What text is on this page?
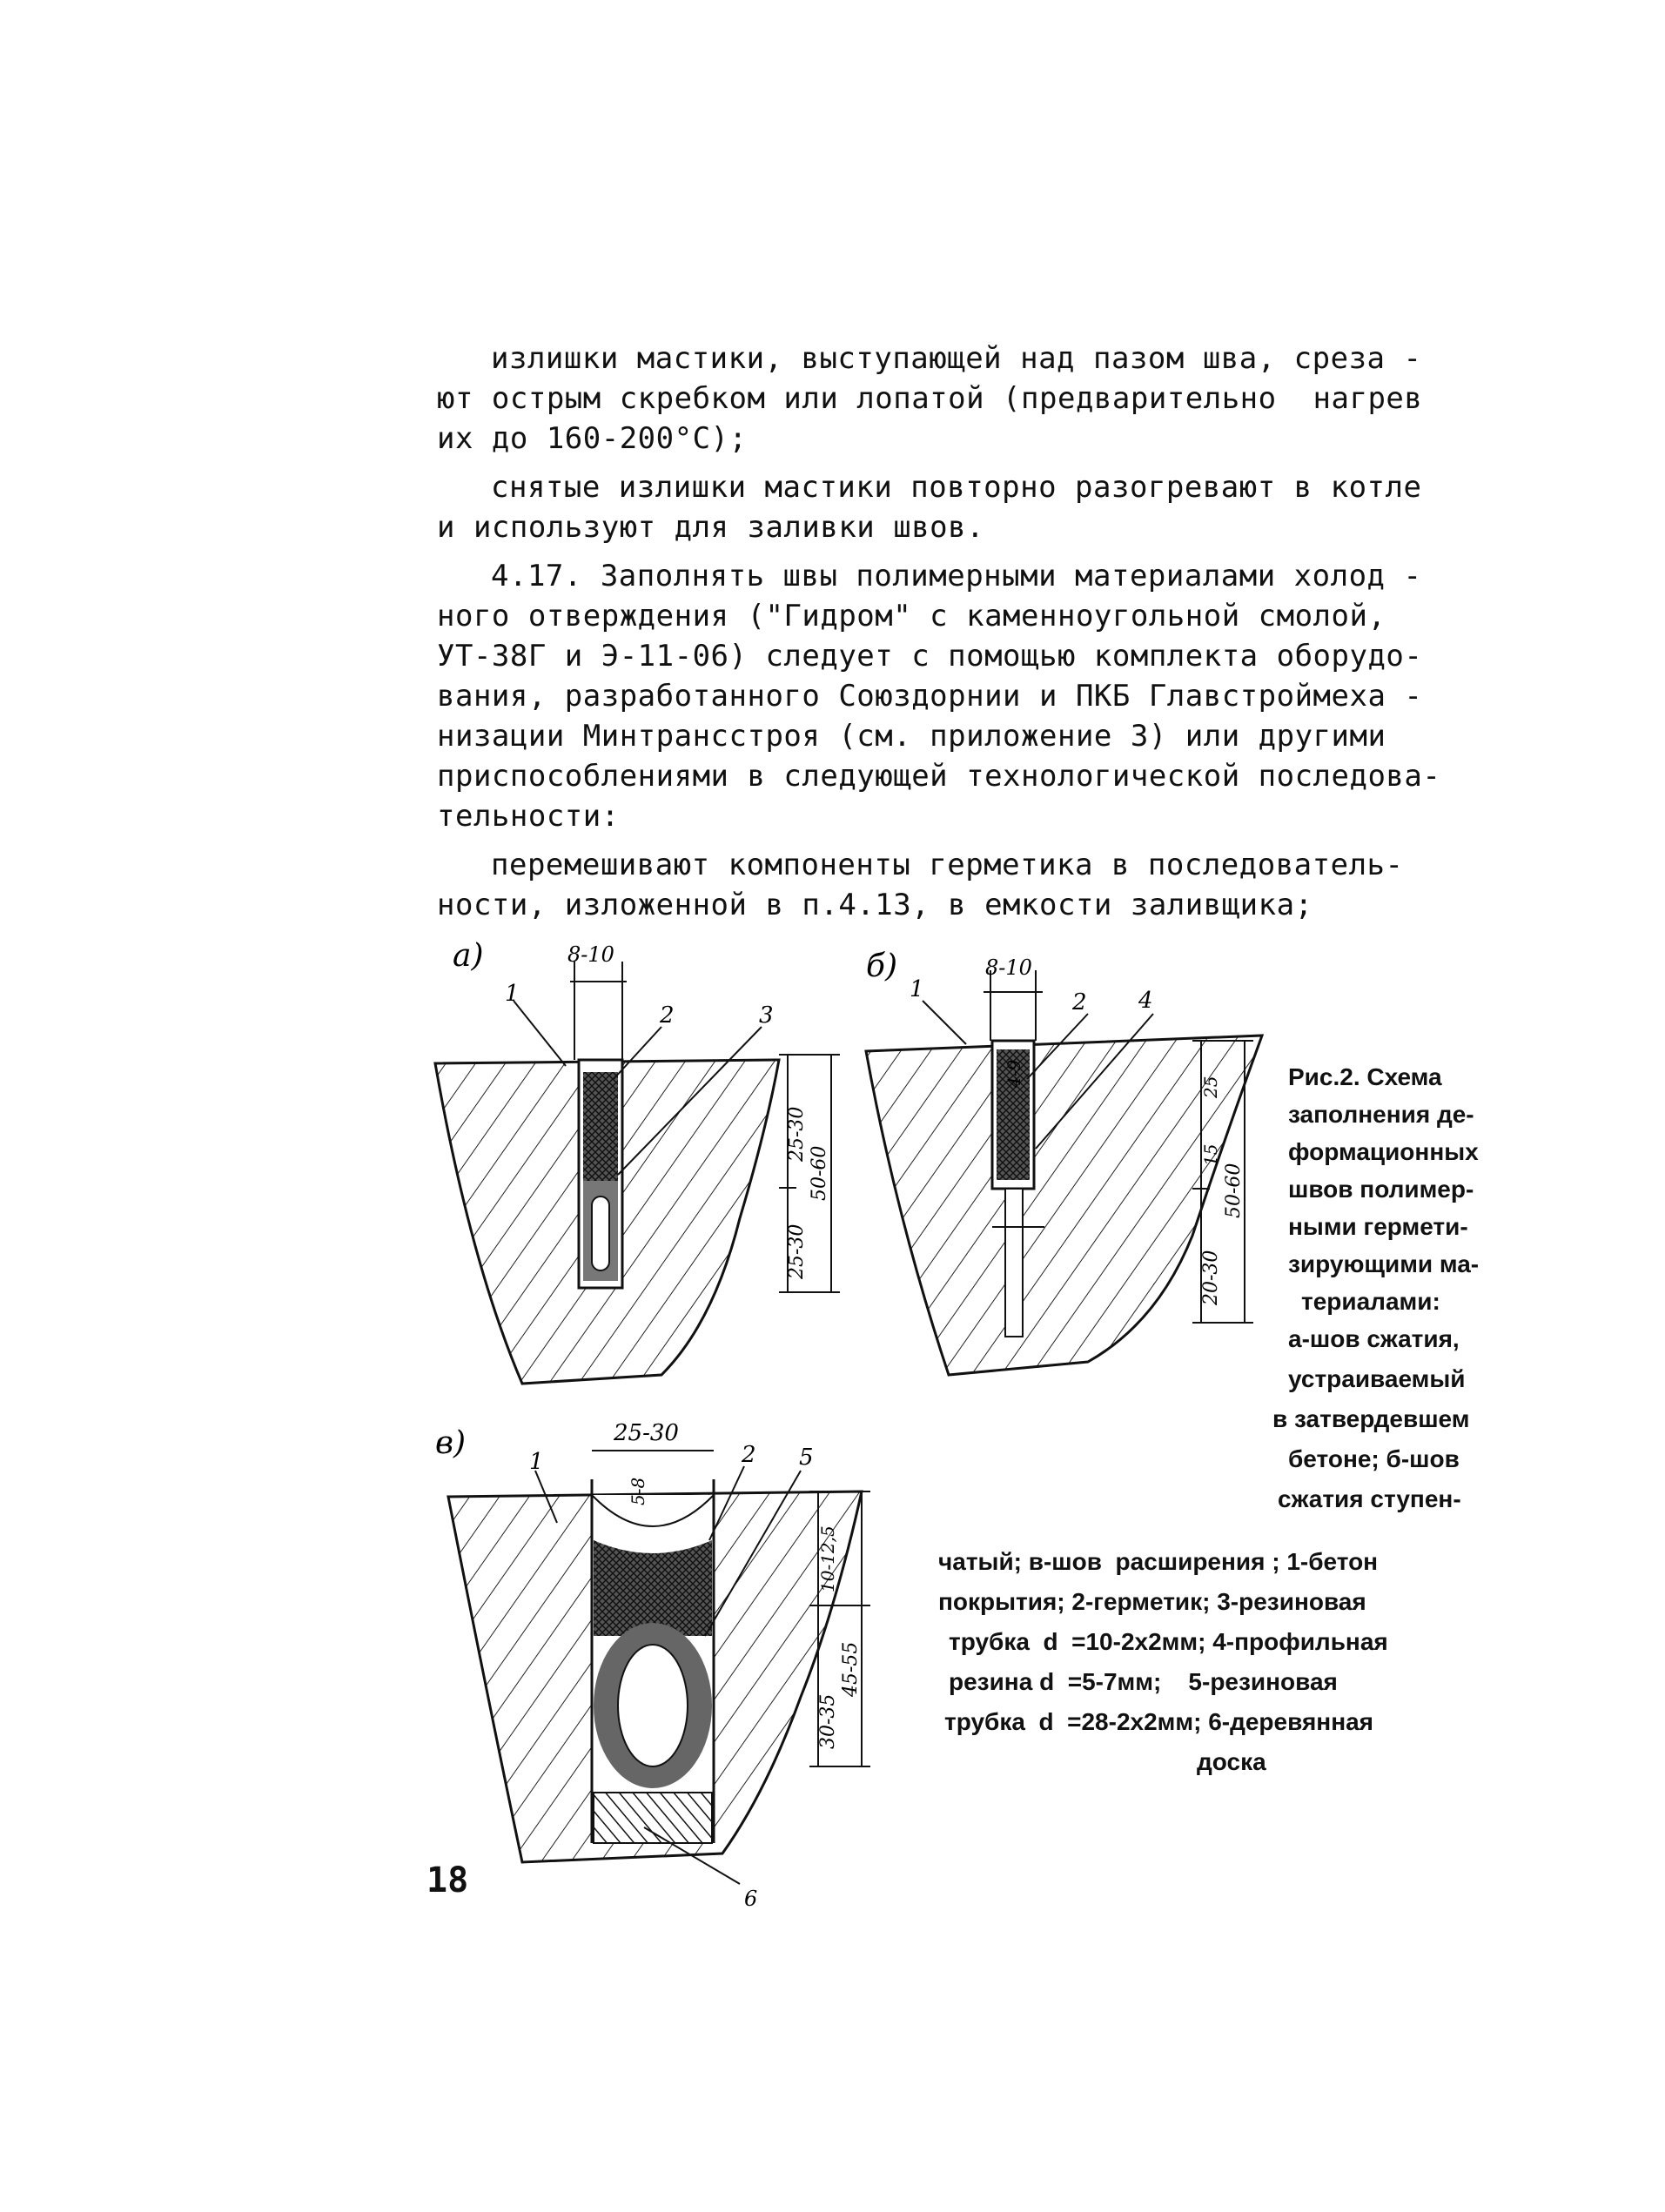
излишки мастики, выступающей над пазом шва, среза -
ют острым скребком или лопатой (предварительно  нагрев
их до 160-200°С);
снятые излишки мастики повторно разогревают в котле
и используют для заливки швов.
4.17. Заполнять швы полимерными материалами холод -
ного отверждения ("Гидром" с каменноугольной смолой,
УТ-38Г и Э-11-06) следует с помощью комплекта оборудо-
вания, разработанного Союздорнии и ПКБ Главстроймеха -
низации Минтрансстроя (см. приложение 3) или другими
приспособлениями в следующей технологической последова-
тельности:
перемешивают компоненты герметика в последователь-
ности, изложенной в п.4.13, в емкости заливщика;
а)	8-10
25-30
50-60
25-30
1
2	3
б)	8-10
4-9	25
15
50-60
20-30
1	2 4
в)	25-30
5-8
10-12,5
30-35
45-55
1	2 5
6
Рис.2. Схема
заполнения де-
формационных
швов полимер-
ными гермети-
зирующими ма-
териалами:
а-шов сжатия,
устраиваемый
в затвердевшем
бетоне; б-шов
сжатия ступен-
чатый; в-шов  расширения ; 1-бетон
покрытия; 2-герметик; 3-резиновая
трубка  d  =10-2х2мм; 4-профильная
резина d  =5-7мм;    5-резиновая
трубка  d  =28-2х2мм; 6-деревянная
доска
18
